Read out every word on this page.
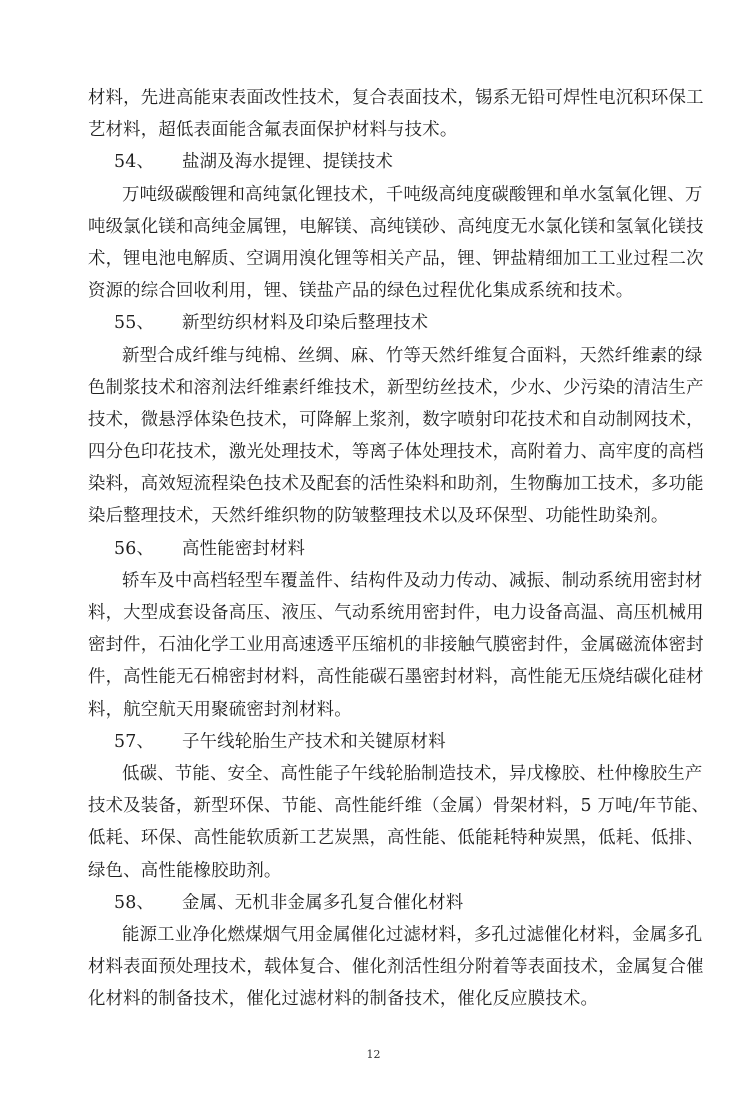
材料，先进高能束表面改性技术，复合表面技术，锡系无铅可焊性电沉积环保工
艺材料，超低表面能含氟表面保护材料与技术。
54、 盐湖及海水提锂、提镁技术
万吨级碳酸锂和高纯氯化锂技术，千吨级高纯度碳酸锂和单水氢氧化锂、万
吨级氯化镁和高纯金属锂，电解镁、高纯镁砂、高纯度无水氯化镁和氢氧化镁技
术，锂电池电解质、空调用溴化锂等相关产品，锂、钾盐精细加工工业过程二次
资源的综合回收利用，锂、镁盐产品的绿色过程优化集成系统和技术。
55、 新型纺织材料及印染后整理技术
新型合成纤维与纯棉、丝绸、麻、竹等天然纤维复合面料，天然纤维素的绿
色制浆技术和溶剂法纤维素纤维技术，新型纺丝技术，少水、少污染的清洁生产
技术，微悬浮体染色技术，可降解上浆剂，数字喷射印花技术和自动制网技术，
四分色印花技术，激光处理技术，等离子体处理技术，高附着力、高牢度的高档
染料，高效短流程染色技术及配套的活性染料和助剂，生物酶加工技术，多功能
染后整理技术，天然纤维织物的防皱整理技术以及环保型、功能性助染剂。
56、 高性能密封材料
轿车及中高档轻型车覆盖件、结构件及动力传动、减振、制动系统用密封材
料，大型成套设备高压、液压、气动系统用密封件，电力设备高温、高压机械用
密封件，石油化学工业用高速透平压缩机的非接触气膜密封件，金属磁流体密封
件，高性能无石棉密封材料，高性能碳石墨密封材料，高性能无压烧结碳化硅材
料，航空航天用聚硫密封剂材料。
57、 子午线轮胎生产技术和关键原材料
低碳、节能、安全、高性能子午线轮胎制造技术，异戊橡胶、杜仲橡胶生产
技术及装备，新型环保、节能、高性能纤维（金属）骨架材料，5 万吨/年节能、
低耗、环保、高性能软质新工艺炭黑，高性能、低能耗特种炭黑，低耗、低排、
绿色、高性能橡胶助剂。
58、 金属、无机非金属多孔复合催化材料
能源工业净化燃煤烟气用金属催化过滤材料，多孔过滤催化材料，金属多孔
材料表面预处理技术，载体复合、催化剂活性组分附着等表面技术，金属复合催
化材料的制备技术，催化过滤材料的制备技术，催化反应膜技术。
12
